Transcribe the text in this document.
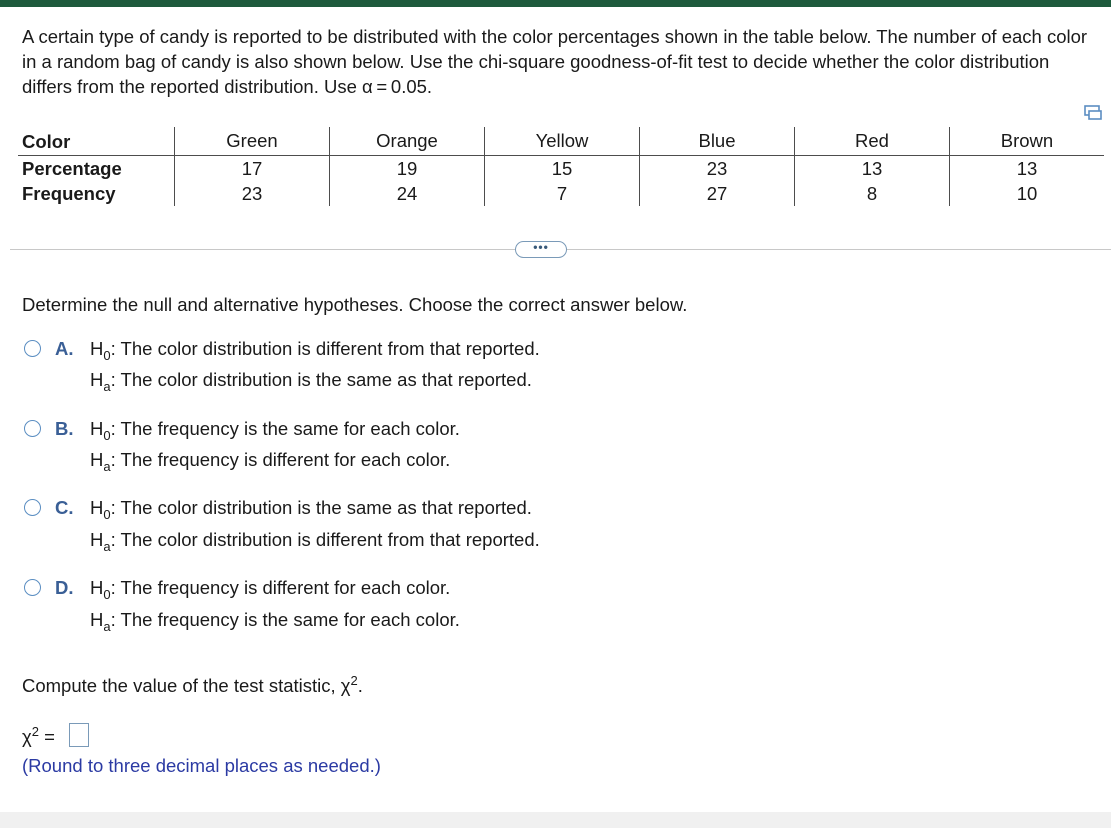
A certain type of candy is reported to be distributed with the color percentages shown in the table below. The number of each color in a random bag of candy is also shown below. Use the chi-square goodness-of-fit test to decide whether the color distribution differs from the reported distribution. Use α = 0.05.
Color	Green	Orange	Yellow	Blue	Red	Brown
Percentage	17	19	15	23	13	13
Frequency	23	24	7	27	8	10
•••
Determine the null and alternative hypotheses. Choose the correct answer below.
A. $H_0$: The color distribution is different from that reported.
$H_a$: The color distribution is the same as that reported.
B. $H_0$: The frequency is the same for each color.
$H_a$: The frequency is different for each color.
C. $H_0$: The color distribution is the same as that reported.
$H_a$: The color distribution is different from that reported.
D. $H_0$: The frequency is different for each color.
$H_a$: The frequency is the same for each color.
Compute the value of the test statistic, $\chi^2$.
$\chi^2$ =
(Round to three decimal places as needed.)
